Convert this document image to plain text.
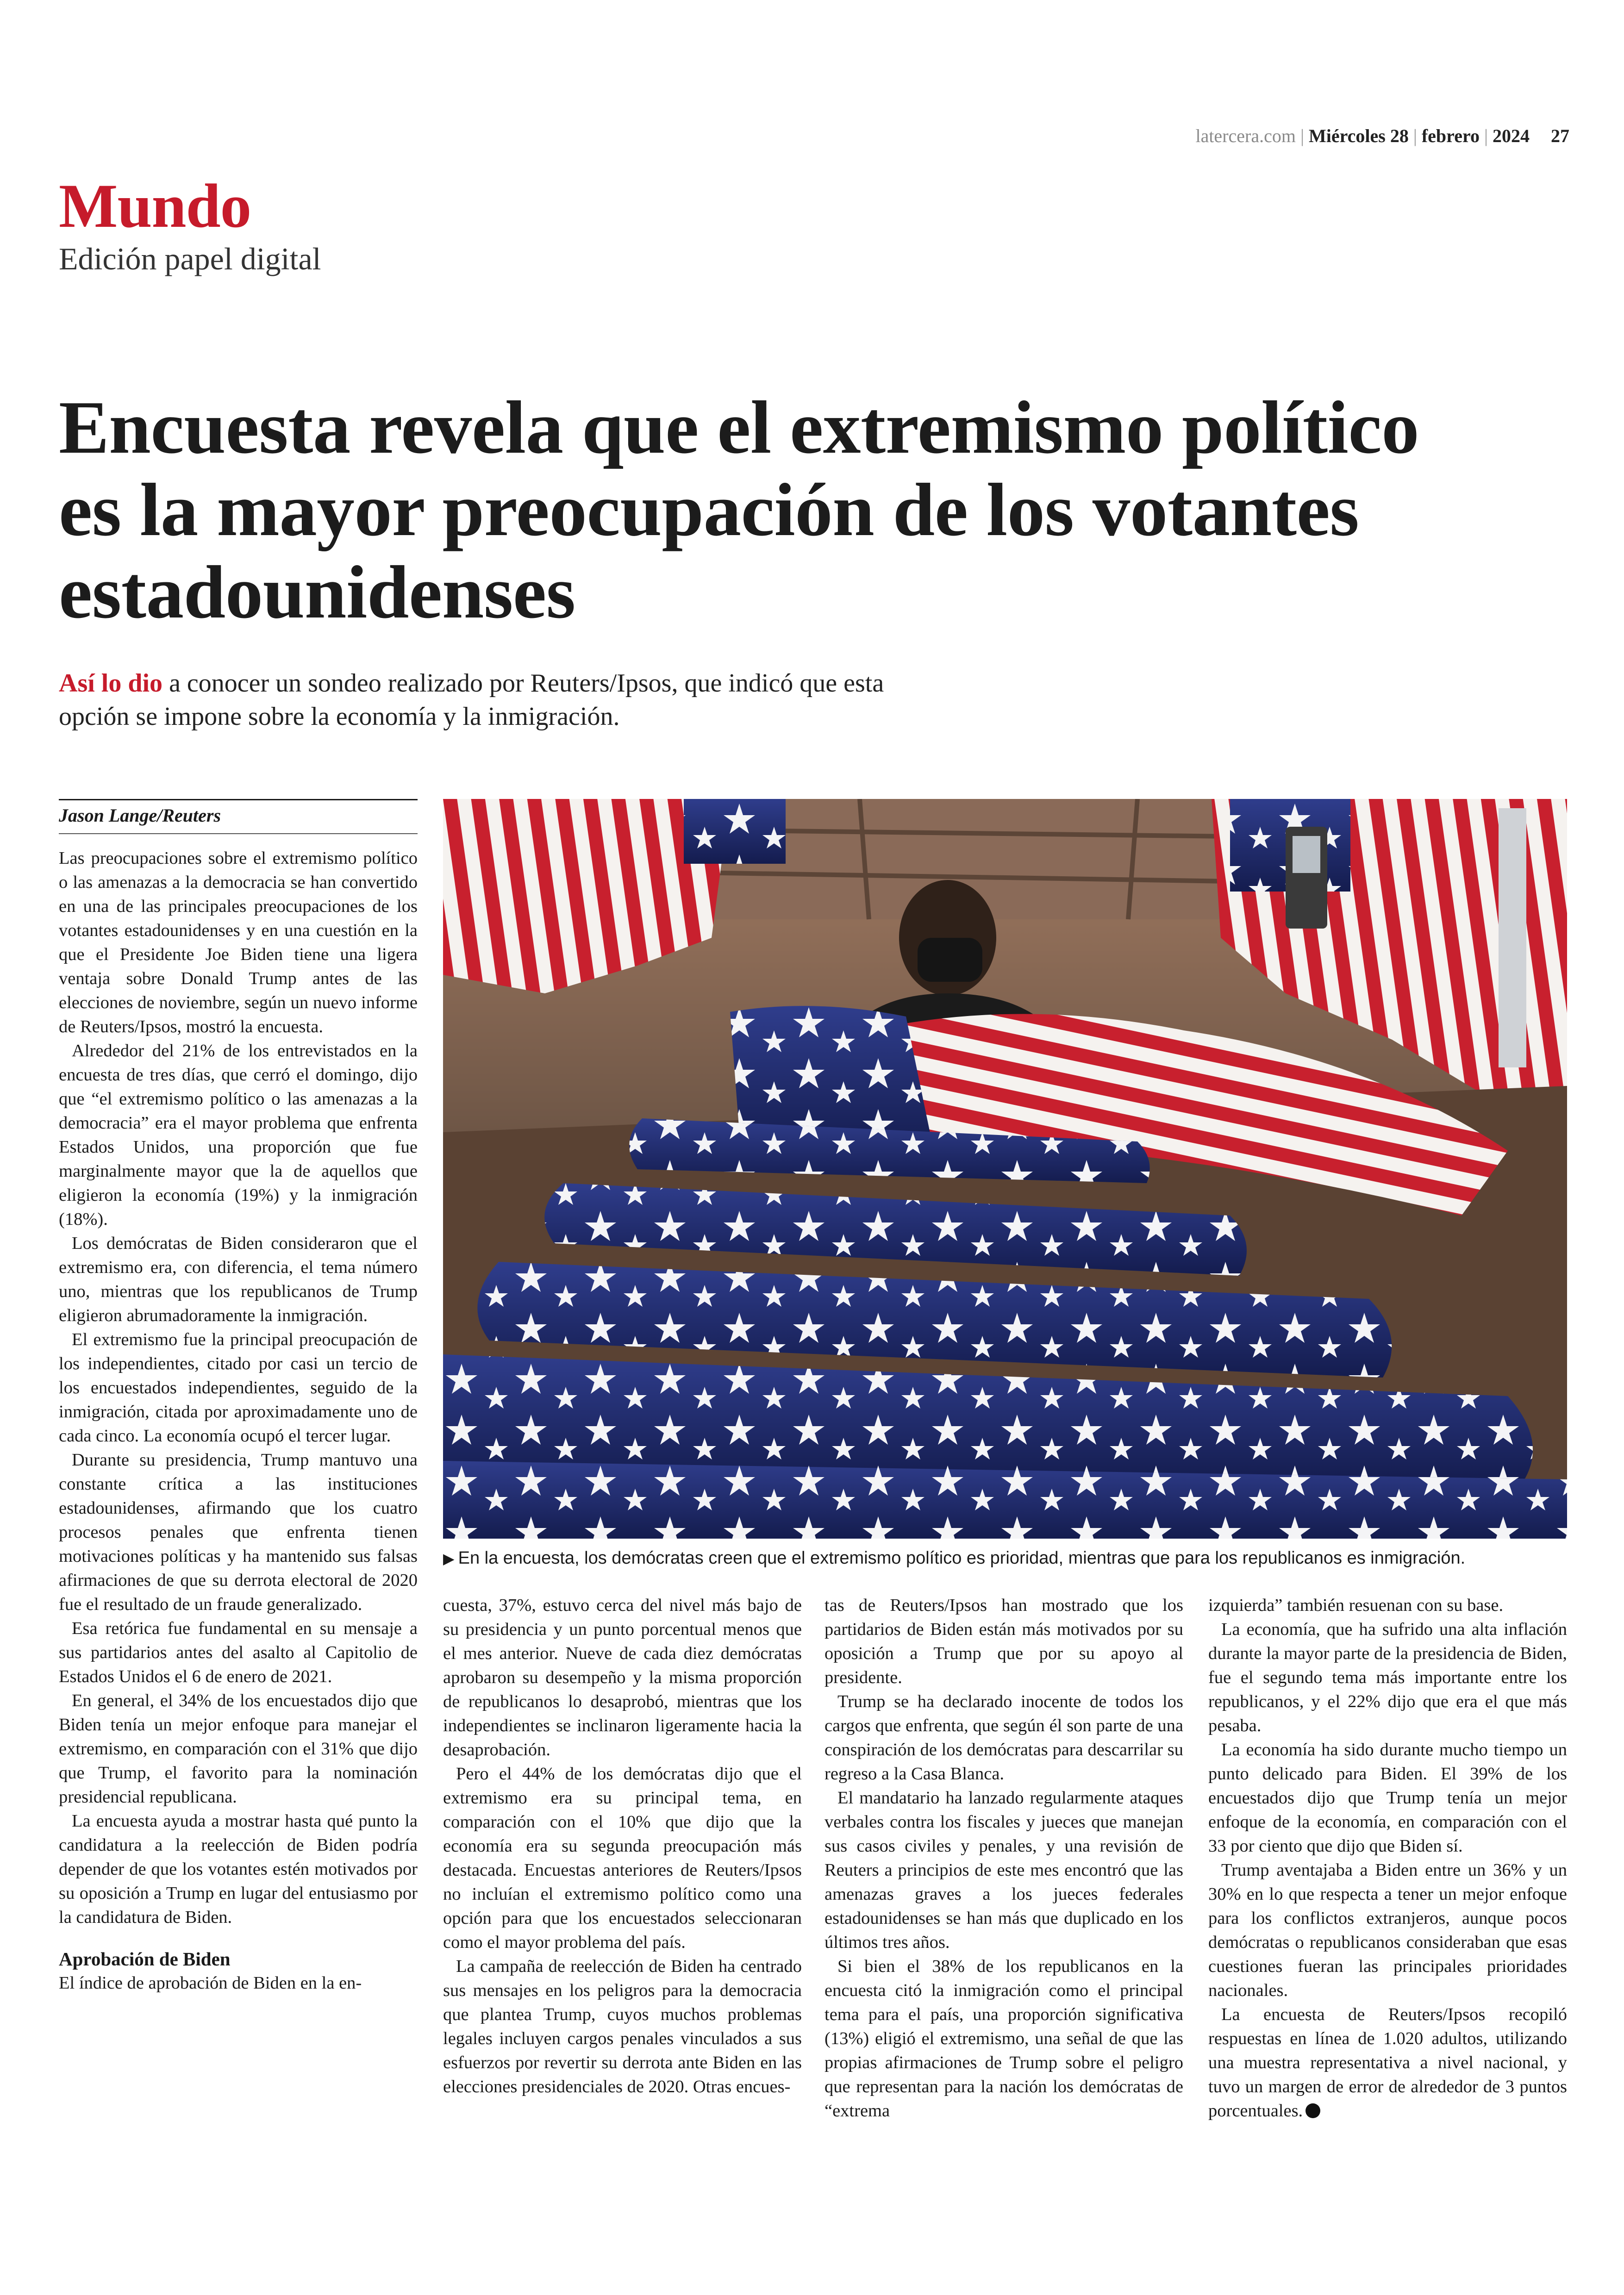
latercera.com | Miércoles 28 | febrero | 2024 27
Mundo
Edición papel digital
Encuesta revela que el extremismo político es la mayor preocupación de los votantes estadounidenses
Así lo dio a conocer un sondeo realizado por Reuters/Ipsos, que indicó que esta opción se impone sobre la economía y la inmigración.
Jason Lange/Reuters

Las preocupaciones sobre el extremismo político o las amenazas a la democracia se han convertido en una de las principales preocupaciones de los votantes estadounidenses y en una cuestión en la que el Presidente Joe Biden tiene una ligera ventaja sobre Donald Trump antes de las elecciones de noviembre, según un nuevo informe de Reuters/Ipsos, mostró la encuesta.

Alrededor del 21% de los entrevistados en la encuesta de tres días, que cerró el domingo, dijo que “el extremismo político o las amenazas a la democracia” era el mayor problema que enfrenta Estados Unidos, una proporción que fue marginalmente mayor que la de aquellos que eligieron la economía (19%) y la inmigración (18%).

Los demócratas de Biden consideraron que el extremismo era, con diferencia, el tema número uno, mientras que los republicanos de Trump eligieron abrumadoramente la inmigración.

El extremismo fue la principal preocupación de los independientes, citado por casi un tercio de los encuestados independientes, seguido de la inmigración, citada por aproximadamente uno de cada cinco. La economía ocupó el tercer lugar.

Durante su presidencia, Trump mantuvo una constante crítica a las instituciones estadounidenses, afirmando que los cuatro procesos penales que enfrenta tienen motivaciones políticas y ha mantenido sus falsas afirmaciones de que su derrota electoral de 2020 fue el resultado de un fraude generalizado.

Esa retórica fue fundamental en su mensaje a sus partidarios antes del asalto al Capitolio de Estados Unidos el 6 de enero de 2021.

En general, el 34% de los encuestados dijo que Biden tenía un mejor enfoque para manejar el extremismo, en comparación con el 31% que dijo que Trump, el favorito para la nominación presidencial republicana.

La encuesta ayuda a mostrar hasta qué punto la candidatura a la reelección de Biden podría depender de que los votantes estén motivados por su oposición a Trump en lugar del entusiasmo por la candidatura de Biden.

Aprobación de Biden

El índice de aprobación de Biden en la en-

▶ En la encuesta, los demócratas creen que el extremismo político es prioridad, mientras que para los republicanos es inmigración.

cuesta, 37%, estuvo cerca del nivel más bajo de su presidencia y un punto porcentual menos que el mes anterior. Nueve de cada diez demócratas aprobaron su desempeño y la misma proporción de republicanos lo desaprobó, mientras que los independientes se inclinaron ligeramente hacia la desaprobación.

Pero el 44% de los demócratas dijo que el extremismo era su principal tema, en comparación con el 10% que dijo que la economía era su segunda preocupación más destacada. Encuestas anteriores de Reuters/Ipsos no incluían el extremismo político como una opción para que los encuestados seleccionaran como el mayor problema del país.

La campaña de reelección de Biden ha centrado sus mensajes en los peligros para la democracia que plantea Trump, cuyos muchos problemas legales incluyen cargos penales vinculados a sus esfuerzos por revertir su derrota ante Biden en las elecciones presidenciales de 2020. Otras encues-

tas de Reuters/Ipsos han mostrado que los partidarios de Biden están más motivados por su oposición a Trump que por su apoyo al presidente.

Trump se ha declarado inocente de todos los cargos que enfrenta, que según él son parte de una conspiración de los demócratas para descarrilar su regreso a la Casa Blanca.

El mandatario ha lanzado regularmente ataques verbales contra los fiscales y jueces que manejan sus casos civiles y penales, y una revisión de Reuters a principios de este mes encontró que las amenazas graves a los jueces federales estadounidenses se han más que duplicado en los últimos tres años.

Si bien el 38% de los republicanos en la encuesta citó la inmigración como el principal tema para el país, una proporción significativa (13%) eligió el extremismo, una señal de que las propias afirmaciones de Trump sobre el peligro que representan para la nación los demócratas de “extrema

izquierda” también resuenan con su base.

La economía, que ha sufrido una alta inflación durante la mayor parte de la presidencia de Biden, fue el segundo tema más importante entre los republicanos, y el 22% dijo que era el que más pesaba.

La economía ha sido durante mucho tiempo un punto delicado para Biden. El 39% de los encuestados dijo que Trump tenía un mejor enfoque de la economía, en comparación con el 33 por ciento que dijo que Biden sí.

Trump aventajaba a Biden entre un 36% y un 30% en lo que respecta a tener un mejor enfoque para los conflictos extranjeros, aunque pocos demócratas o republicanos consideraban que esas cuestiones fueran las principales prioridades nacionales.

La encuesta de Reuters/Ipsos recopiló respuestas en línea de 1.020 adultos, utilizando una muestra representativa a nivel nacional, y tuvo un margen de error de alrededor de 3 puntos porcentuales.
